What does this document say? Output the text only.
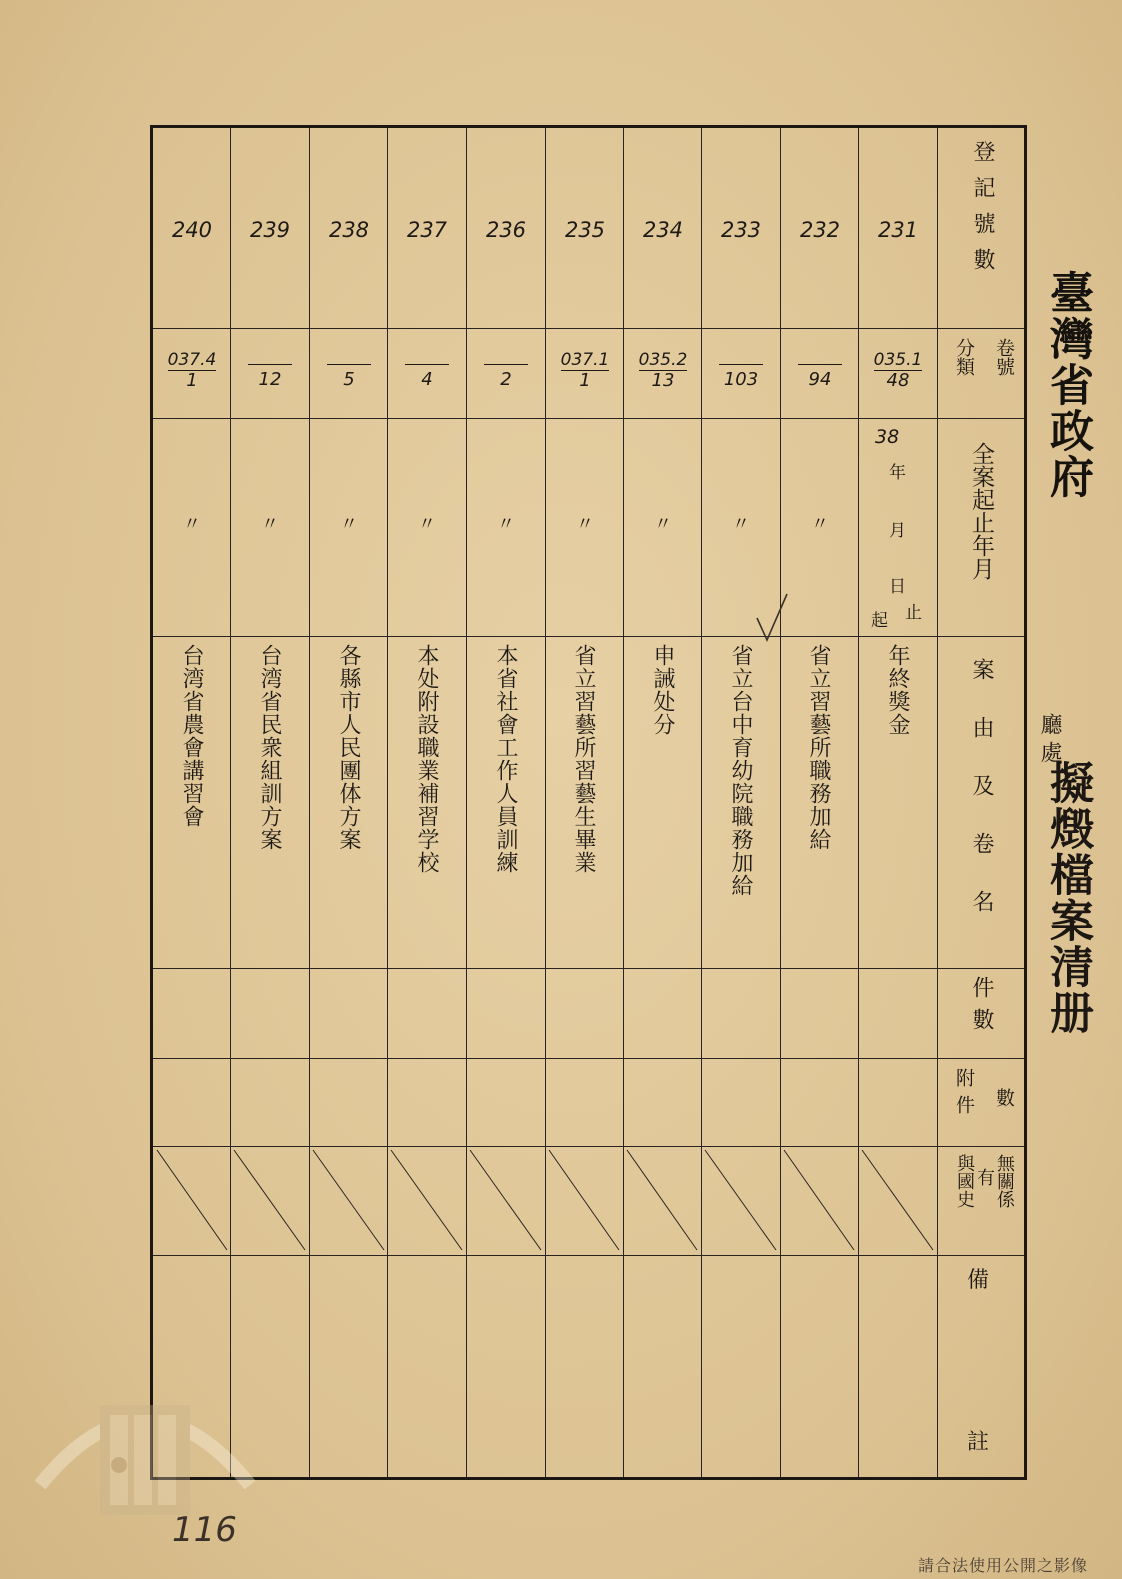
臺灣省政府
廳處
擬燬檔案清册
登記號數
卷號
分類
全案起止年月
案由及卷名
件數
數
附件
無關係
有
與國史
備
註
231
232
233
234
235
236
237
238
239
240
035.1
48
94
103
035.2
13
037.1
1
2
4
5
12
037.4
1
38
年
月
日
起 止
〃
〃
〃
〃
〃
〃
〃
〃
〃
年終獎金
省立習藝所職務加給
省立台中育幼院職務加給
申誡处分
省立習藝所習藝生畢業
本省社會工作人員訓練
本处附設職業補習学校
各縣市人民團体方案
台湾省民衆組訓方案
台湾省農會講習會
116
請合法使用公開之影像
